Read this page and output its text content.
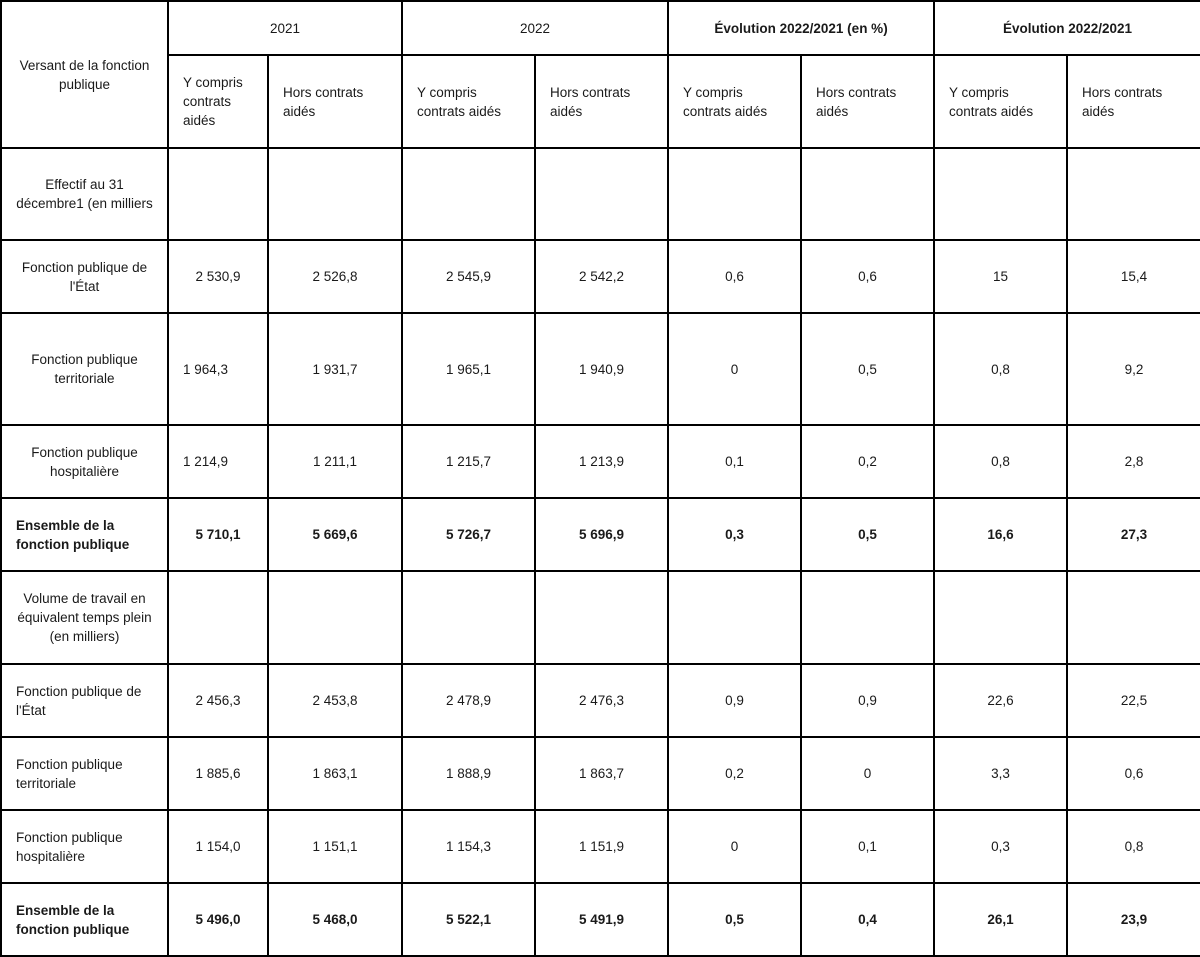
Versant de la fonction publique	2021		2022		Évolution 2022/2021 (en %)		Évolution 2022/2021	
	Y compris contrats aidés	Hors contrats aidés	Y compris contrats aidés	Hors contrats aidés	Y compris contrats aidés	Hors contrats aidés	Y compris contrats aidés	Hors contrats aidés
Effectif au 31 décembre1 (en milliers								
Fonction publique de l'État	2 530,9	2 526,8	2 545,9	2 542,2	0,6	0,6	15	15,4
Fonction publique territoriale	1 964,3	1 931,7	1 965,1	1 940,9	0	0,5	0,8	9,2
Fonction publique hospitalière	1 214,9	1 211,1	1 215,7	1 213,9	0,1	0,2	0,8	2,8
Ensemble de la fonction publique	5 710,1	5 669,6	5 726,7	5 696,9	0,3	0,5	16,6	27,3
Volume de travail en équivalent temps plein (en milliers)								
Fonction publique de l'État	2 456,3	2 453,8	2 478,9	2 476,3	0,9	0,9	22,6	22,5
Fonction publique territoriale	1 885,6	1 863,1	1 888,9	1 863,7	0,2	0	3,3	0,6
Fonction publique hospitalière	1 154,0	1 151,1	1 154,3	1 151,9	0	0,1	0,3	0,8
Ensemble de la fonction publique	5 496,0	5 468,0	5 522,1	5 491,9	0,5	0,4	26,1	23,9
